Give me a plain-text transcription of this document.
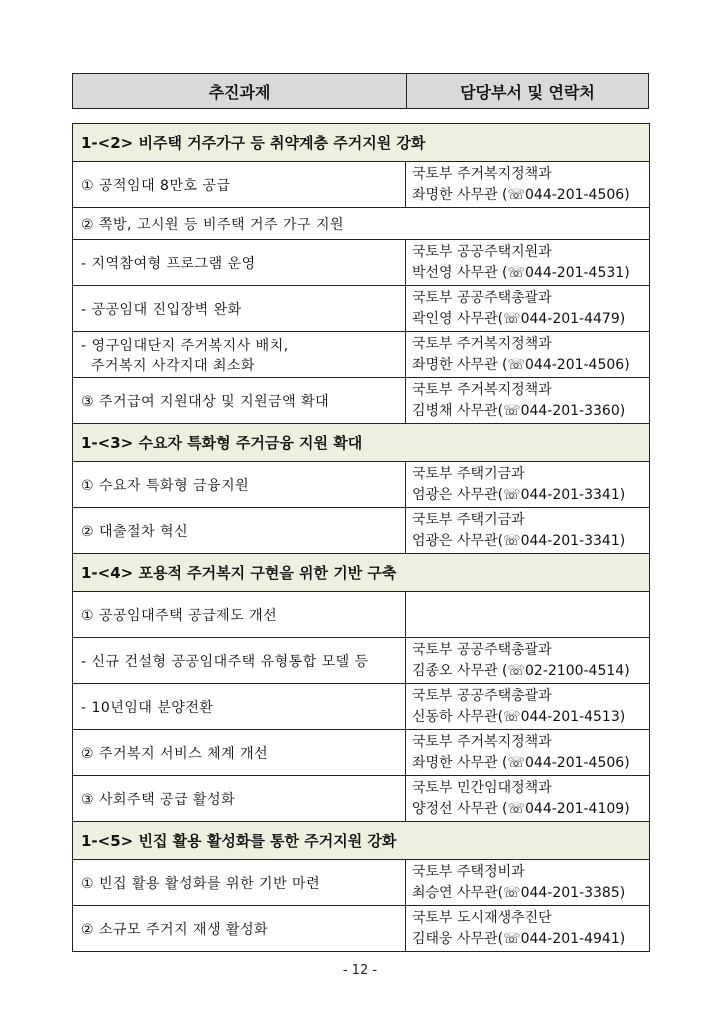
추진과제	담당부서 및 연락처
1-<2> 비주택 거주가구 등 취약계층 주거지원 강화	

① 공적임대 8만호 공급	국토부 주거복지정책과
좌명한 사무관 (☏044-201-4506)

② 쪽방, 고시원 등 비주택 거주 가구 지원	

- 지역참여형 프로그램 운영	국토부 공공주택지원과
박선영 사무관 (☏044-201-4531)

- 공공임대 진입장벽 완화	국토부 공공주택총괄과
곽인영 사무관(☏044-201-4479)

- 영구임대단지 주거복지사 배치,
주거복지 사각지대 최소화	국토부 주거복지정책과
좌명한 사무관 (☏044-201-4506)

③ 주거급여 지원대상 및 지원금액 확대	국토부 주거복지정책과
김병채 사무관(☏044-201-3360)

1-<3> 수요자 특화형 주거금융 지원 확대	

① 수요자 특화형 금융지원	국토부 주택기금과
엄광은 사무관(☏044-201-3341)

② 대출절차 혁신	국토부 주택기금과
엄광은 사무관(☏044-201-3341)

1-<4> 포용적 주거복지 구현을 위한 기반 구축	

① 공공임대주택 공급제도 개선	

- 신규 건설형 공공임대주택 유형통합 모델 등	국토부 공공주택총괄과
김종오 사무관 (☏02-2100-4514)

- 10년임대 분양전환	국토부 공공주택총괄과
신동하 사무관(☏044-201-4513)

② 주거복지 서비스 체계 개선	국토부 주거복지정책과
좌명한 사무관 (☏044-201-4506)

③ 사회주택 공급 활성화	국토부 민간임대정책과
양정선 사무관 (☏044-201-4109)

1-<5> 빈집 활용 활성화를 통한 주거지원 강화	

① 빈집 활용 활성화를 위한 기반 마련	국토부 주택정비과
최승연 사무관(☏044-201-3385)

② 소규모 주거지 재생 활성화	국토부 도시재생추진단
김태웅 사무관(☏044-201-4941)
- 12 -
